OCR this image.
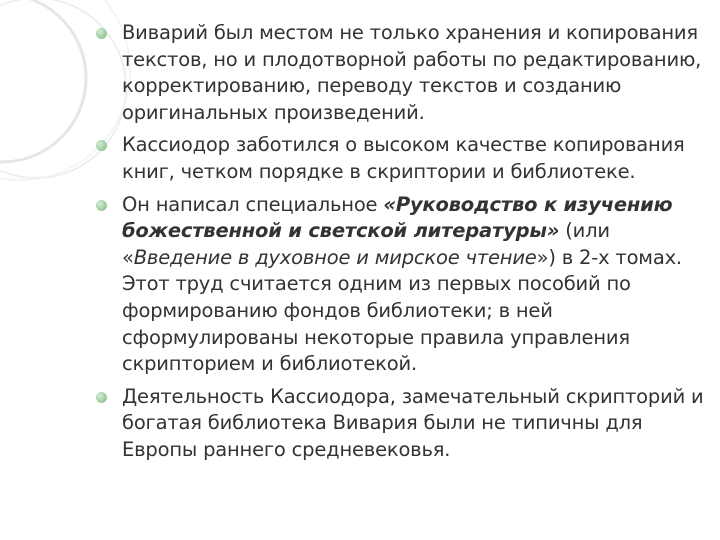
Виварий был местом не только хранения и копирования текстов, но и плодотворной работы по редактированию, корректированию, переводу текстов и созданию оригинальных произведений.
Кассиодор заботился о высоком качестве копирования книг, четком порядке в скриптории и библиотеке.
Он написал специальное «Руководство к изучению божественной и светской литературы» (или «Введение в духовное и мирское чтение») в 2-х томах. Этот труд считается одним из первых пособий по формированию фондов библиотеки; в ней сформулированы некоторые правила управления скрипторием и библиотекой.
Деятельность Кассиодора, замечательный скрипторий и богатая библиотека Вивария были не типичны для Европы раннего средневековья.
